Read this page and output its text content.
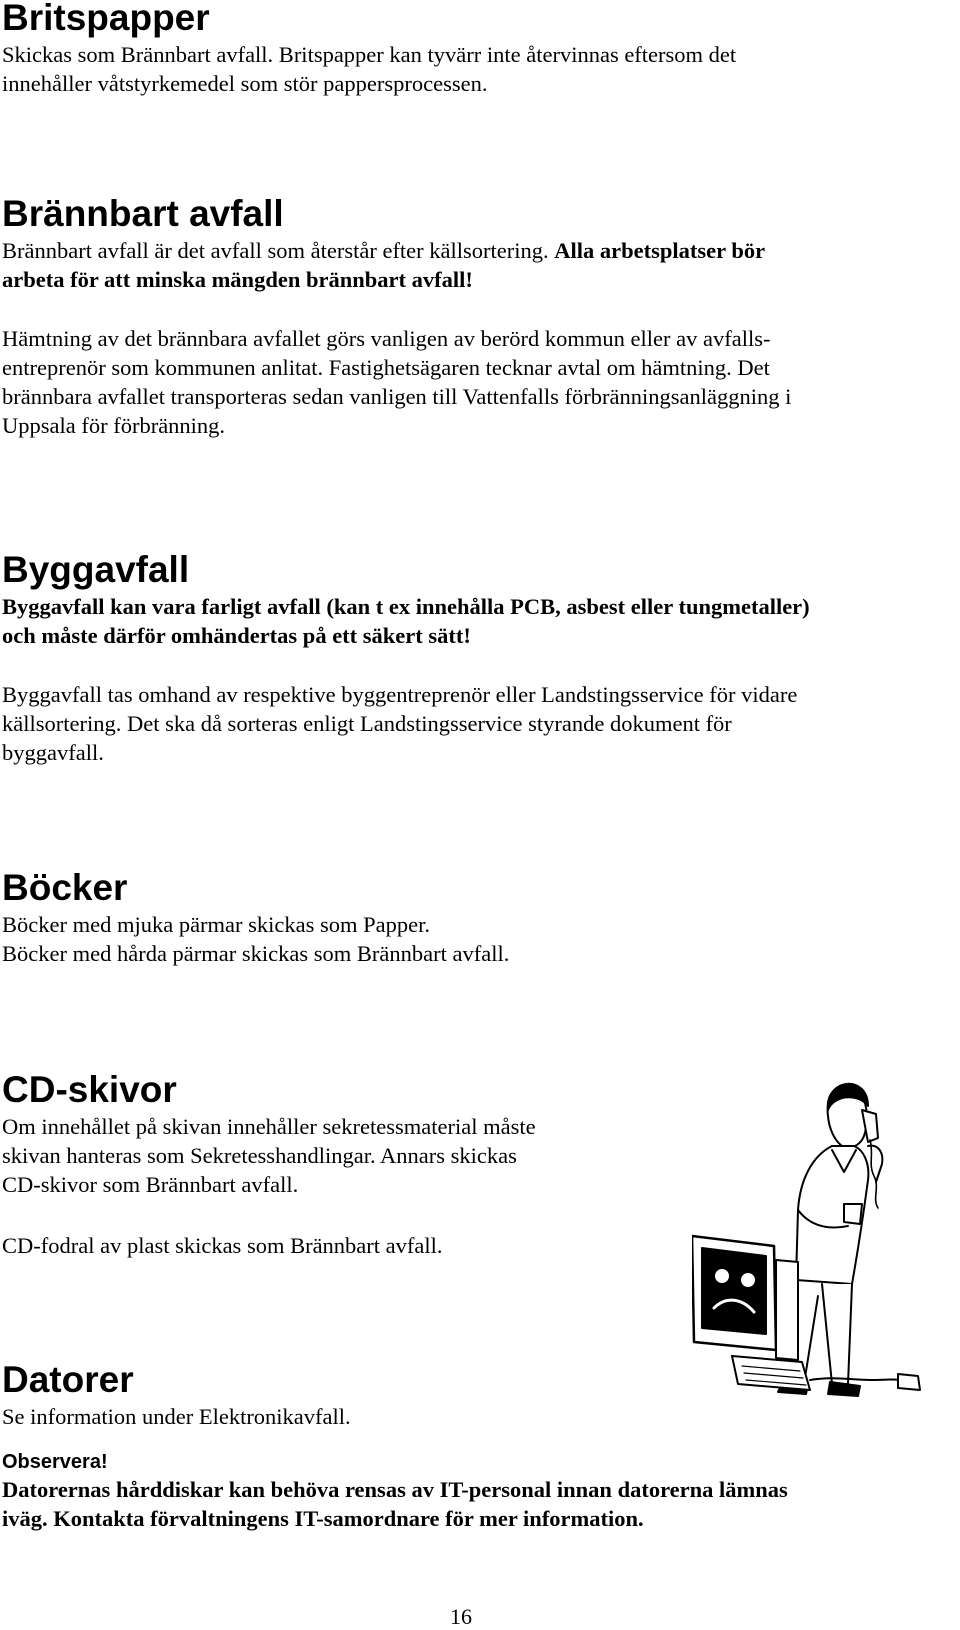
Britspapper

Skickas som Brännbart avfall. Britspapper kan tyvärr inte återvinnas eftersom det

innehåller våtstyrkemedel som stör pappersprocessen.

Brännbart avfall

Brännbart avfall är det avfall som återstår efter källsortering. Alla arbetsplatser bör

arbeta för att minska mängden brännbart avfall!

Hämtning av det brännbara avfallet görs vanligen av berörd kommun eller av avfalls-

entreprenör som kommunen anlitat. Fastighetsägaren tecknar avtal om hämtning. Det

brännbara avfallet transporteras sedan vanligen till Vattenfalls förbränningsanläggning i

Uppsala för förbränning.

Byggavfall

Byggavfall kan vara farligt avfall (kan t ex innehålla PCB, asbest eller tungmetaller)

och måste därför omhändertas på ett säkert sätt!

Byggavfall tas omhand av respektive byggentreprenör eller Landstingsservice för vidare

källsortering. Det ska då sorteras enligt Landstingsservice styrande dokument för

byggavfall.

Böcker

Böcker med mjuka pärmar skickas som Papper.

Böcker med hårda pärmar skickas som Brännbart avfall.

CD-skivor

Om innehållet på skivan innehåller sekretessmaterial måste

skivan hanteras som Sekretesshandlingar. Annars skickas

CD-skivor som Brännbart avfall.

CD-fodral av plast skickas som Brännbart avfall.

Datorer

Se information under Elektronikavfall.

Observera!

Datorernas hårddiskar kan behöva rensas av IT-personal innan datorerna lämnas

iväg. Kontakta förvaltningens IT-samordnare för mer information.

16
